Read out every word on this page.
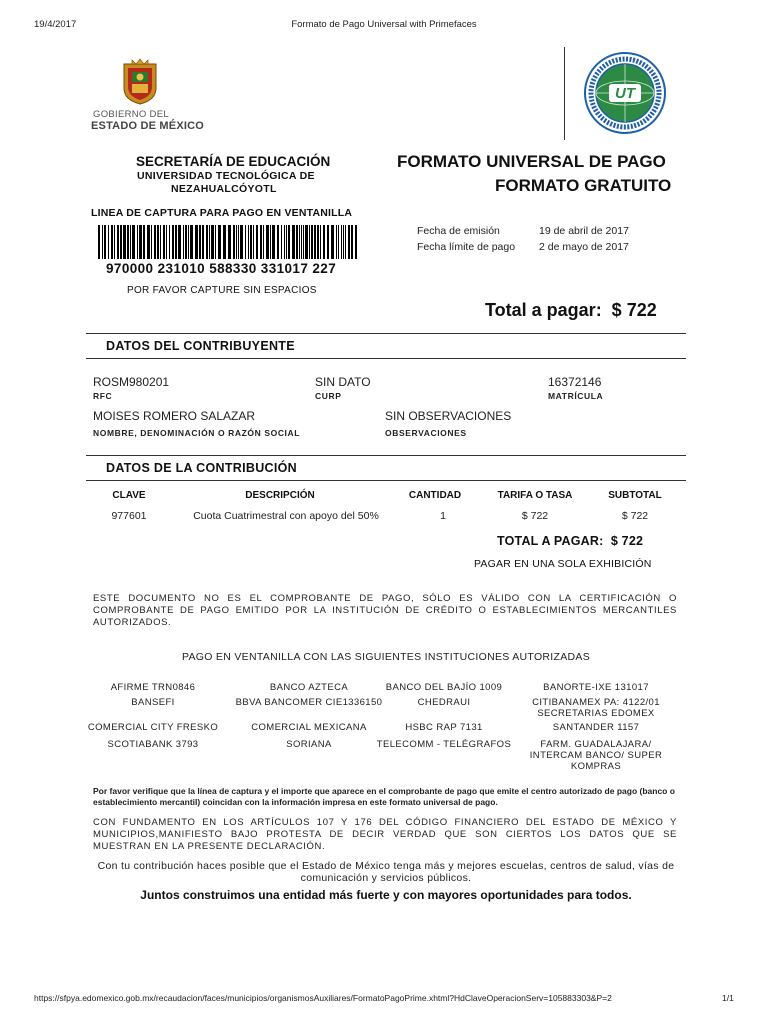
19/4/2017	Formato de Pago Universal with Primefaces
GOBIERNO DEL
ESTADO DE MÉXICO
UT
SECRETARÍA DE EDUCACIÓN
UNIVERSIDAD TECNOLÓGICA DE
NEZAHUALCÓYOTL
FORMATO UNIVERSAL DE PAGO
FORMATO GRATUITO
LINEA DE CAPTURA PARA PAGO EN VENTANILLA
970000 231010 588330 331017 227
POR FAVOR CAPTURE SIN ESPACIOS
Fecha de emisión	19 de abril de 2017
Fecha límite de pago 2 de mayo de 2017
Total a pagar:  $ 722
DATOS DEL CONTRIBUYENTE
ROSM980201
RFC
SIN DATO
CURP
16372146
MATRÍCULA
MOISES ROMERO SALAZAR
NOMBRE, DENOMINACIÓN O RAZÓN SOCIAL
SIN OBSERVACIONES
OBSERVACIONES
DATOS DE LA CONTRIBUCIÓN
CLAVE	DESCRIPCIÓN	CANTIDAD	TARIFA O TASA	SUBTOTAL
977601	Cuota Cuatrimestral con apoyo del 50%	1	$ 722	$ 722
TOTAL A PAGAR:  $ 722
PAGAR EN UNA SOLA EXHIBICIÓN
ESTE DOCUMENTO NO ES EL COMPROBANTE DE PAGO, SÓLO ES VÁLIDO CON LA CERTIFICACIÓN O COMPROBANTE DE PAGO EMITIDO POR LA INSTITUCIÓN DE CRÉDITO O ESTABLECIMIENTOS MERCANTILES AUTORIZADOS.
PAGO EN VENTANILLA CON LAS SIGUIENTES INSTITUCIONES AUTORIZADAS
AFIRME TRN0846	BANCO AZTECA	BANCO DEL BAJÍO 1009	BANORTE-IXE 131017
BANSEFI	BBVA BANCOMER CIE1336150	CHEDRAUI	CITIBANAMEX PA: 4122/01 SECRETARIAS EDOMEX
COMERCIAL CITY FRESKO	COMERCIAL MEXICANA	HSBC RAP 7131	SANTANDER 1157
SCOTIABANK 3793	SORIANA	TELECOMM - TELÉGRAFOS	FARM. GUADALAJARA/ INTERCAM BANCO/ SUPER KOMPRAS
Por favor verifique que la línea de captura y el importe que aparece en el comprobante de pago que emite el centro autorizado de pago (banco o establecimiento mercantil) coincidan con la información impresa en este formato universal de pago.
CON FUNDAMENTO EN LOS ARTÍCULOS 107 Y 176 DEL CÓDIGO FINANCIERO DEL ESTADO DE MÉXICO Y MUNICIPIOS,MANIFIESTO BAJO PROTESTA DE DECIR VERDAD QUE SON CIERTOS LOS DATOS QUE SE MUESTRAN EN LA PRESENTE DECLARACIÓN.
Con tu contribución haces posible que el Estado de México tenga más y mejores escuelas, centros de salud, vías de comunicación y servicios públicos.
Juntos construimos una entidad más fuerte y con mayores oportunidades para todos.
https://sfpya.edomexico.gob.mx/recaudacion/faces/municipios/organismosAuxiliares/FormatoPagoPrime.xhtml?HdClaveOperacionServ=105883303&P=2	1/1
